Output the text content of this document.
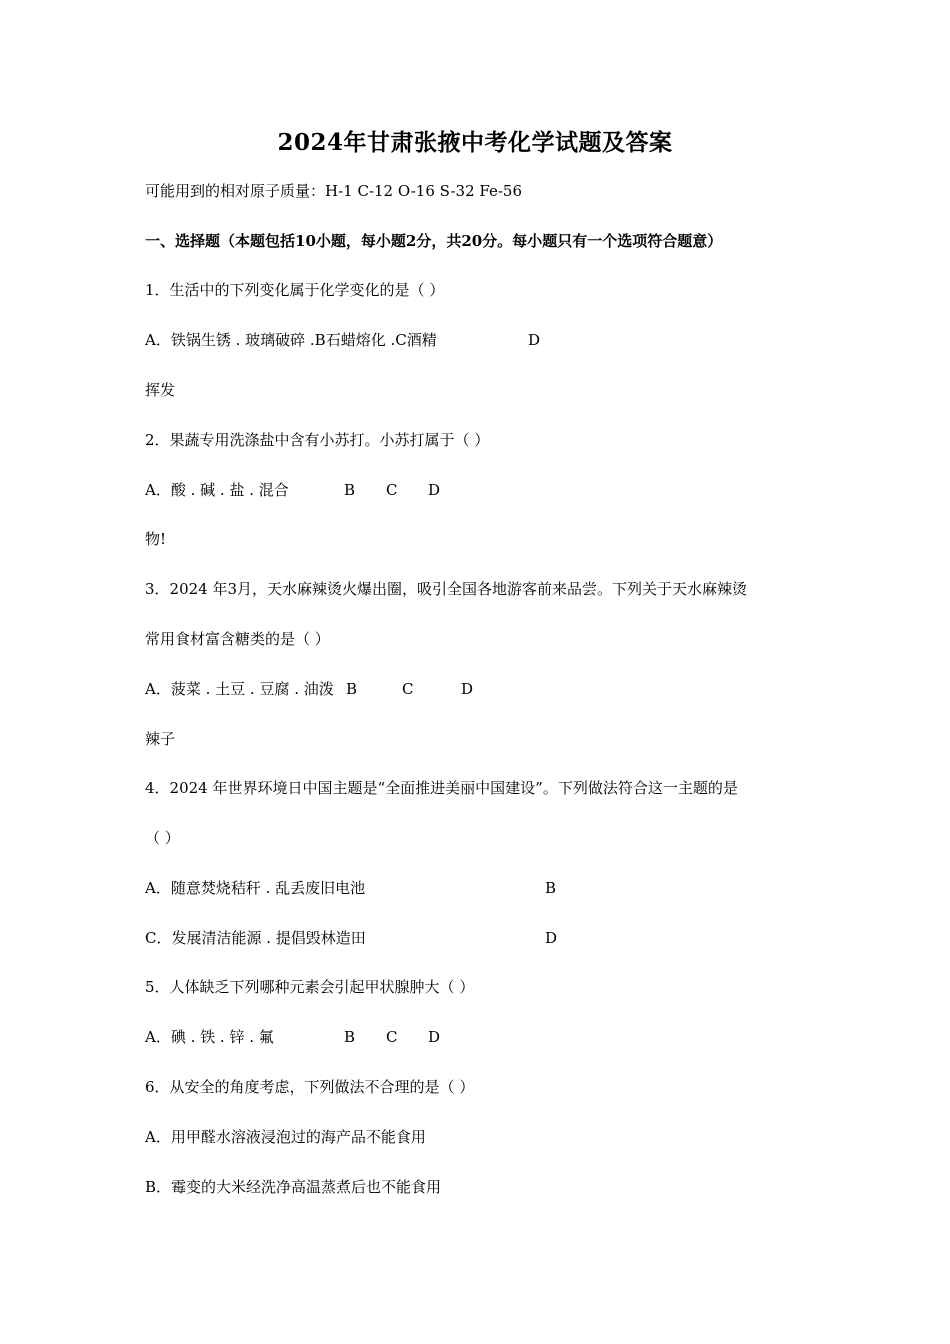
2024年甘肃张掖中考化学试题及答案
可能用到的相对原子质量：H-1 C-12 O-16 S-32 Fe-56
一、选择题（本题包括10小题，每小题2分，共20分。每小题只有一个选项符合题意）
1．生活中的下列变化属于化学变化的是（ ）
A．铁锅生锈 . 玻璃破碎 .B石蜡熔化 .C酒精	D
挥发
2．果蔬专用洗涤盐中含有小苏打。小苏打属于（ ）
A．酸 . 碱 . 盐 . 混合	B C D
物!
3．2024 年3月，天水麻辣烫火爆出圈，吸引全国各地游客前来品尝。下列关于天水麻辣烫
常用食材富含糖类的是（ ）
A．菠菜 . 土豆 . 豆腐 . 油泼 B	C	D
辣子
4．2024 年世界环境日中国主题是“全面推进美丽中国建设”。下列做法符合这一主题的是
（ ）
A．随意焚烧秸秆 . 乱丢废旧电池	B
C．发展清洁能源 . 提倡毁林造田	D
5．人体缺乏下列哪种元素会引起甲状腺肿大（ ）
A．碘 . 铁 . 锌 . 氟	B C D
6．从安全的角度考虑，下列做法不合理的是（ ）
A．用甲醛水溶液浸泡过的海产品不能食用
B．霉变的大米经洗净高温蒸煮后也不能食用
